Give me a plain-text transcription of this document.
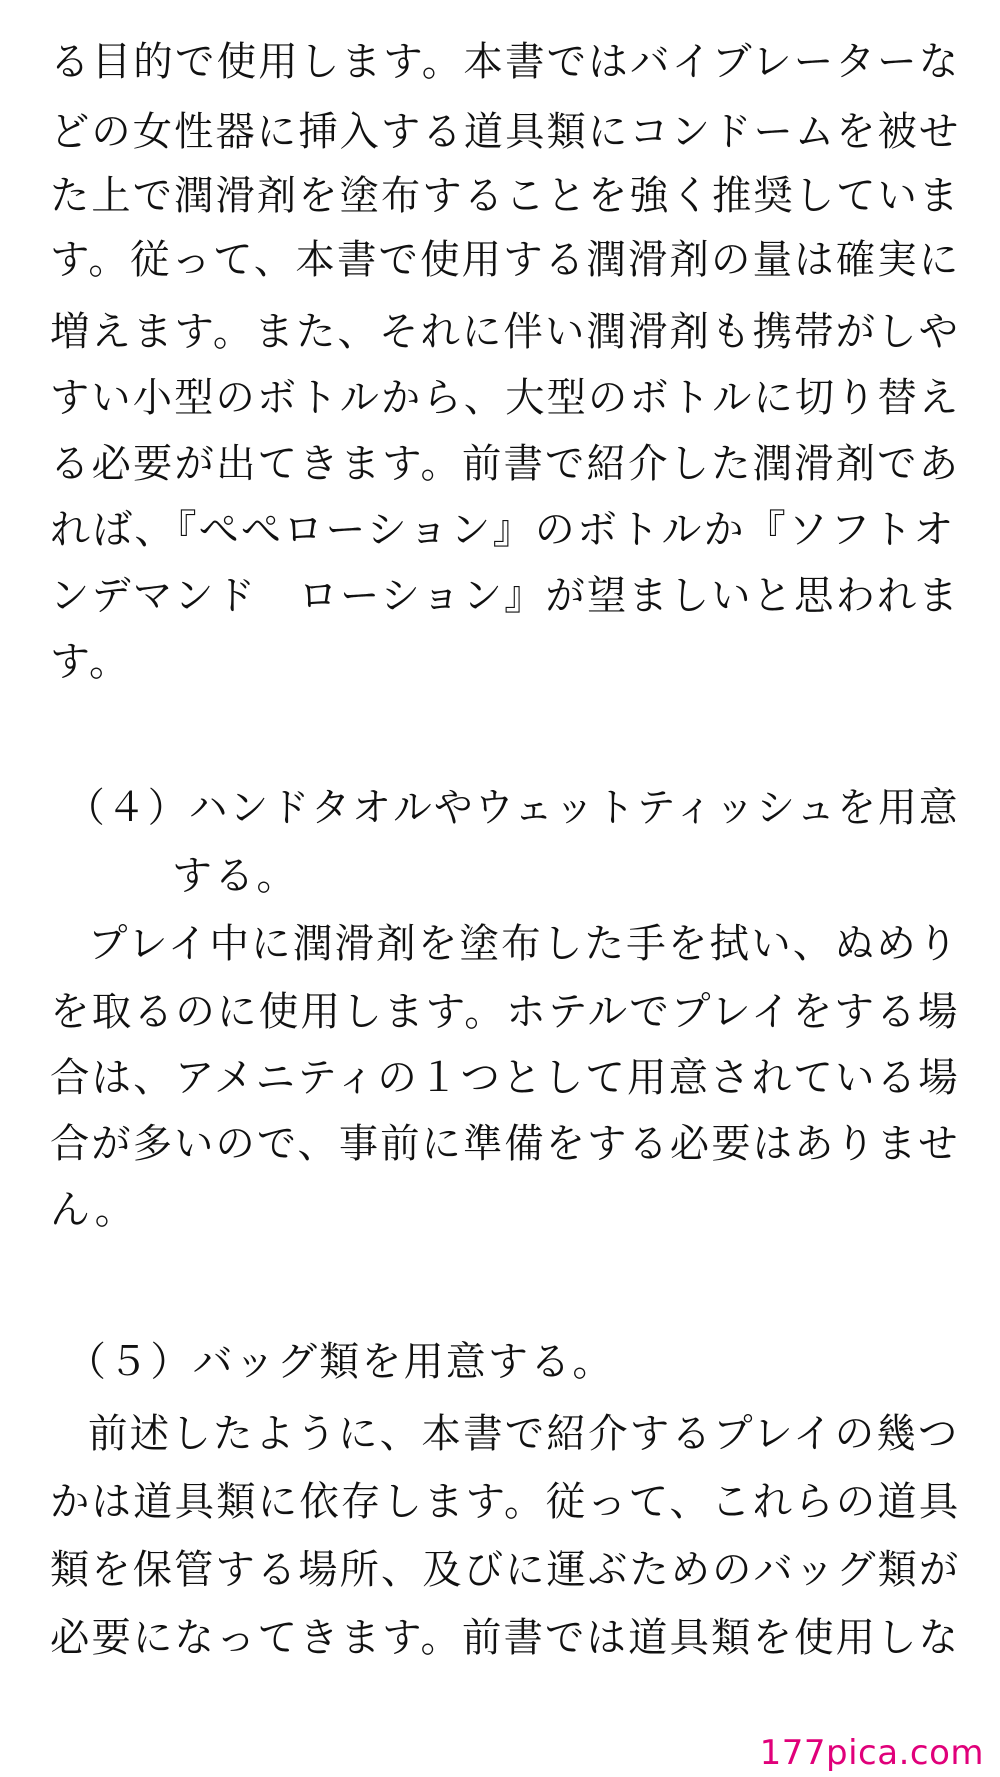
る目的で使用します。本書ではバイブレーターな
どの女性器に挿入する道具類にコンドームを被せ
た上で潤滑剤を塗布することを強く推奨していま
す。従って、本書で使用する潤滑剤の量は確実に
増えます。また、それに伴い潤滑剤も携帯がしや
すい小型のボトルから、大型のボトルに切り替え
る必要が出てきます。前書で紹介した潤滑剤であ
れば、『ぺぺローション』のボトルか『ソフトオ
ンデマンド　ローション』が望ましいと思われま
す。
（４）ハンドタオルやウェットティッシュを用意
する。
プレイ中に潤滑剤を塗布した手を拭い、ぬめり
を取るのに使用します。ホテルでプレイをする場
合は、アメニティの１つとして用意されている場
合が多いので、事前に準備をする必要はありませ
ん。
（５）バッグ類を用意する。
前述したように、本書で紹介するプレイの幾つ
かは道具類に依存します。従って、これらの道具
類を保管する場所、及びに運ぶためのバッグ類が
必要になってきます。前書では道具類を使用しな
177pica.com
